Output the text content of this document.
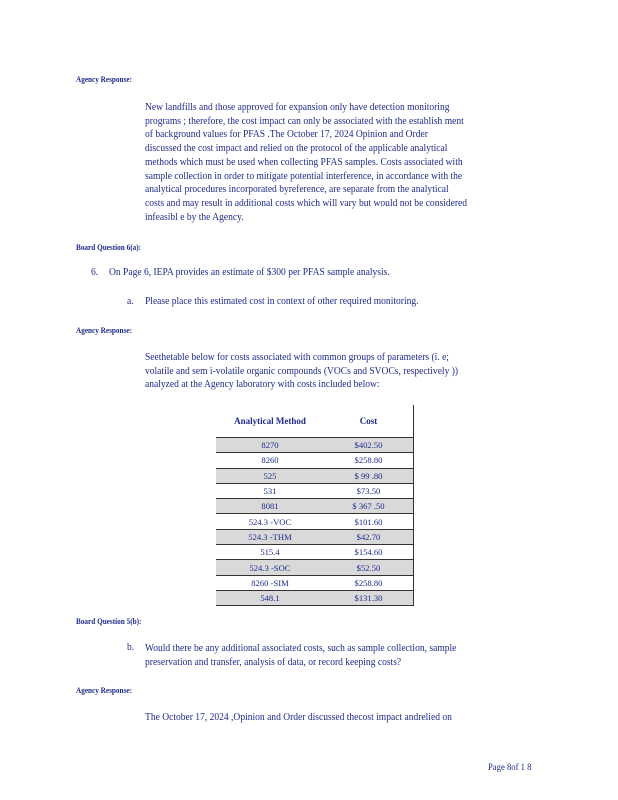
Agency Response:
New landfills and those approved for expansion only have detection monitoring
programs ; therefore, the cost impact can only be associated with the establish ment
of background values for PFAS .The October 17, 2024 Opinion and Order
discussed the cost impact and relied on the protocol of the applicable analytical
methods which must be used when collecting PFAS samples. Costs associated with
sample collection in order to mitigate potential interference, in accordance with the
analytical procedures incorporated byreference, are separate from the analytical
costs and may result in additional costs which will vary but would not be considered
infeasibl e by the Agency.
Board Question 6(a):
6. On Page 6, IEPA provides an estimate of $300 per PFAS sample analysis.
a. Please place this estimated cost in context of other required monitoring.
Agency Response:
Seethetable below for costs associated with common groups of parameters (i. e;
volatile and sem i-volatile organic compounds (VOCs and SVOCs, respectively ))
analyzed at the Agency laboratory with costs included below:
Analytical Method	Cost
8270	$402.50
8260	$258.80
525	$ 99 .80
531	$73.50
8081	$ 367 .50
524.3 -VOC	$101.60
524.3 -THM	$42.70
515.4	$154.60
524.3 -SOC	$52.50
8260 -SIM	$258.80
548.1	$131.30
Board Question 5(b):
b. Would there be any additional associated costs, such as sample collection, sample
preservation and transfer, analysis of data, or record keeping costs?
Agency Response:
The October 17, 2024 ,Opinion and Order discussed thecost impact andrelied on
Page 8of 1 8
